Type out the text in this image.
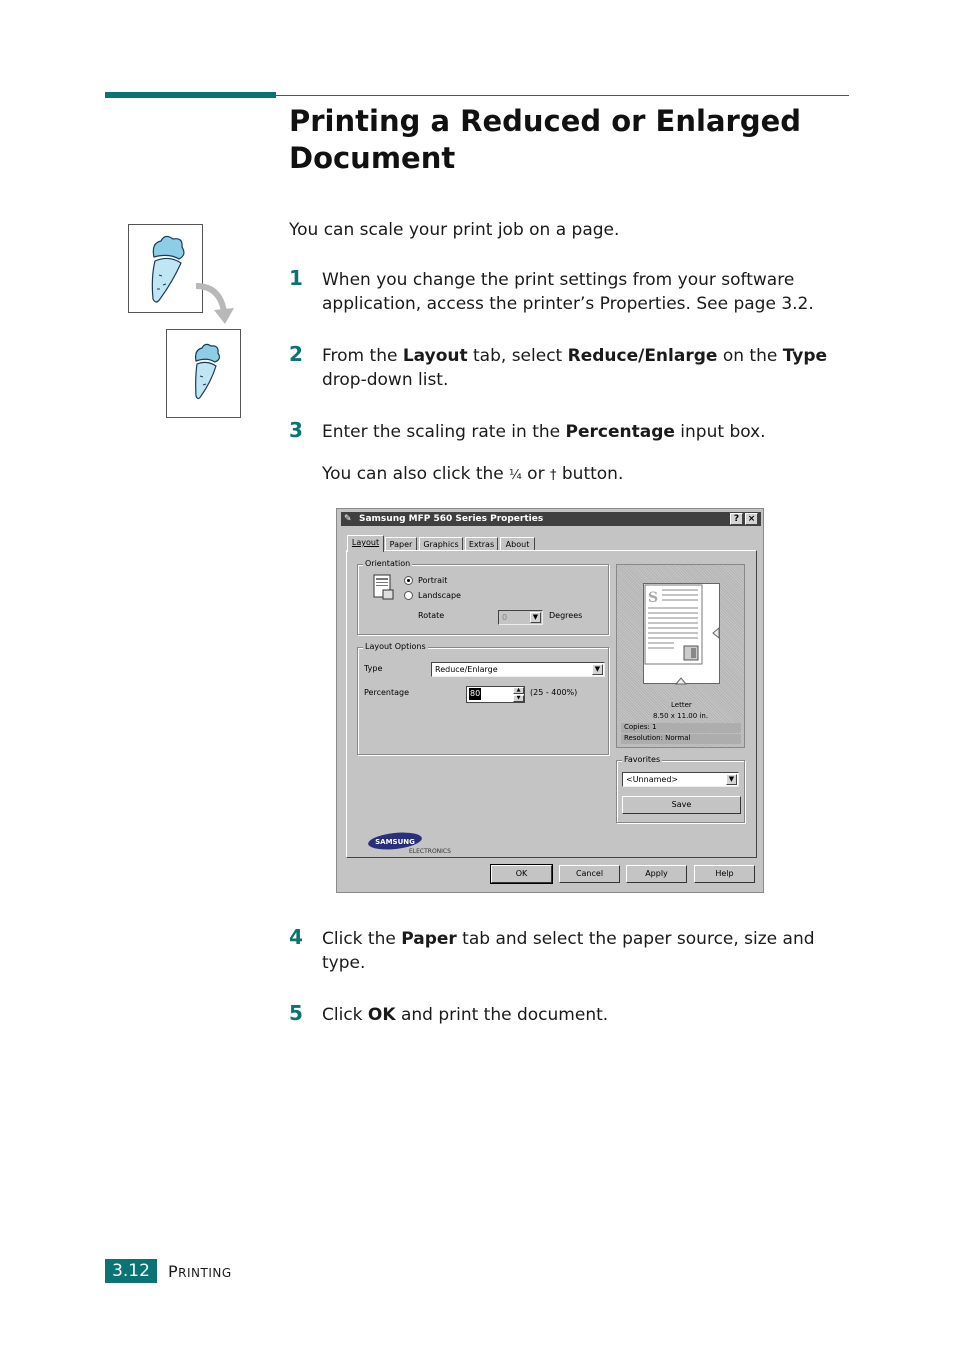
Printing a Reduced or Enlarged Document

You can scale your print job on a page.

1 When you change the print settings from your software application, access the printer’s Properties. See page 3.2.

2 From the Layout tab, select Reduce/Enlarge on the Type drop-down list.

3 Enter the scaling rate in the Percentage input box.

You can also click the ¼ or † button.

✎ Samsung MFP 560 Series Properties	? ×
Layout	Paper	Graphics	Extras	About
Orientation
Portrait
Landscape
Rotate	0	▼	Degrees
Layout Options
Type	Reduce/Enlarge	▼
Percentage	80	▲
▼
(25 - 400%)
S
Letter
8.50 x 11.00 in.
Copies: 1
Resolution: Normal
Favorites
<Unnamed>	▼
Save
SAMSUNG
ELECTRONICS
OK	Cancel	Apply	Help
4 Click the Paper tab and select the paper source, size and type.

5 Click OK and print the document.

3.12	PRINTING
